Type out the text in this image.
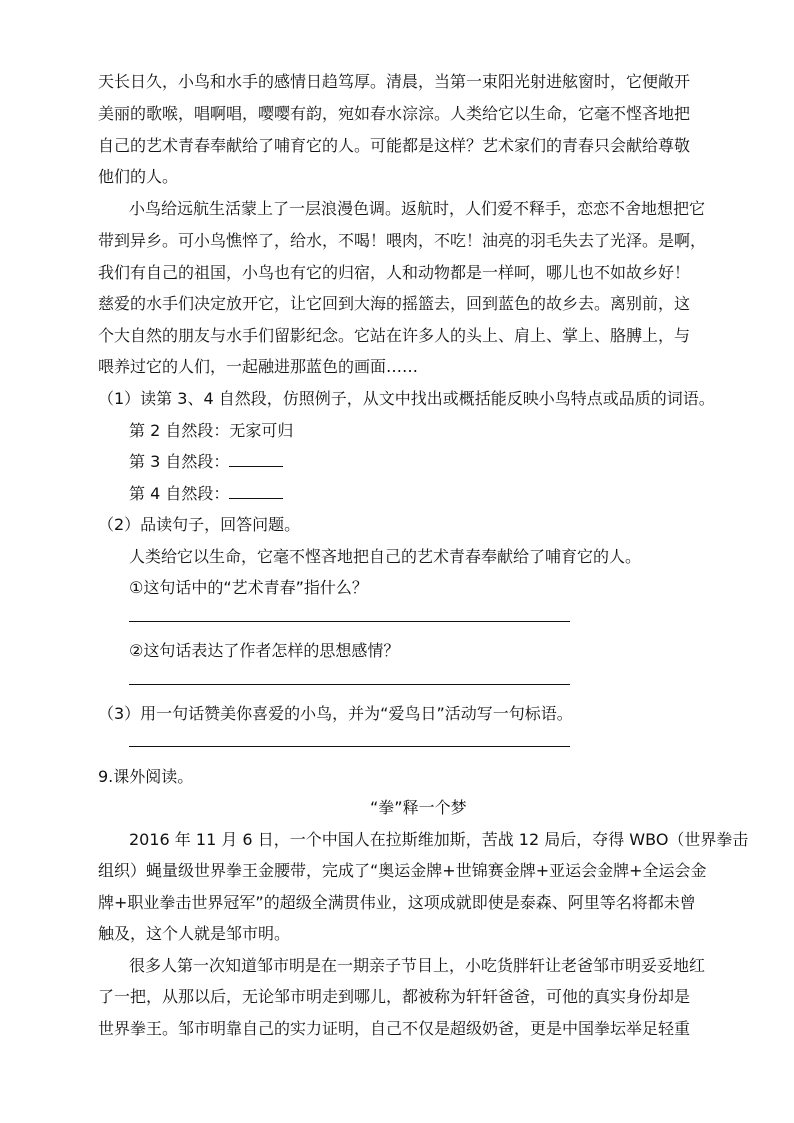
天长日久，小鸟和水手的感情日趋笃厚。清晨，当第一束阳光射进舷窗时，它便敞开
美丽的歌喉，唱啊唱，嘤嘤有韵，宛如春水淙淙。人类给它以生命，它毫不悭吝地把
自己的艺术青春奉献给了哺育它的人。可能都是这样？艺术家们的青春只会献给尊敬
他们的人。
小鸟给远航生活蒙上了一层浪漫色调。返航时，人们爱不释手，恋恋不舍地想把它
带到异乡。可小鸟憔悴了，给水，不喝！喂肉，不吃！油亮的羽毛失去了光泽。是啊，
我们有自己的祖国，小鸟也有它的归宿，人和动物都是一样呵，哪儿也不如故乡好！
慈爱的水手们决定放开它，让它回到大海的摇篮去，回到蓝色的故乡去。离别前，这
个大自然的朋友与水手们留影纪念。它站在许多人的头上、肩上、掌上、胳膊上，与
喂养过它的人们，一起融进那蓝色的画面……
（1）读第 3、4 自然段，仿照例子，从文中找出或概括能反映小鸟特点或品质的词语。
第 2 自然段：无家可归
第 3 自然段：
第 4 自然段：
（2）品读句子，回答问题。
人类给它以生命，它毫不悭吝地把自己的艺术青春奉献给了哺育它的人。
①这句话中的“艺术青春”指什么？
②这句话表达了作者怎样的思想感情？
（3）用一句话赞美你喜爱的小鸟，并为“爱鸟日”活动写一句标语。
9.课外阅读。
“拳”释一个梦
2016 年 11 月 6 日，一个中国人在拉斯维加斯，苦战 12 局后，夺得 WBO（世界拳击
组织）蝇量级世界拳王金腰带，完成了“奥运金牌+世锦赛金牌+亚运会金牌+全运会金
牌+职业拳击世界冠军”的超级全满贯伟业，这项成就即使是泰森、阿里等名将都未曾
触及，这个人就是邹市明。
很多人第一次知道邹市明是在一期亲子节目上，小吃货胖轩让老爸邹市明妥妥地红
了一把，从那以后，无论邹市明走到哪儿，都被称为轩轩爸爸，可他的真实身份却是
世界拳王。邹市明靠自己的实力证明，自己不仅是超级奶爸，更是中国拳坛举足轻重
